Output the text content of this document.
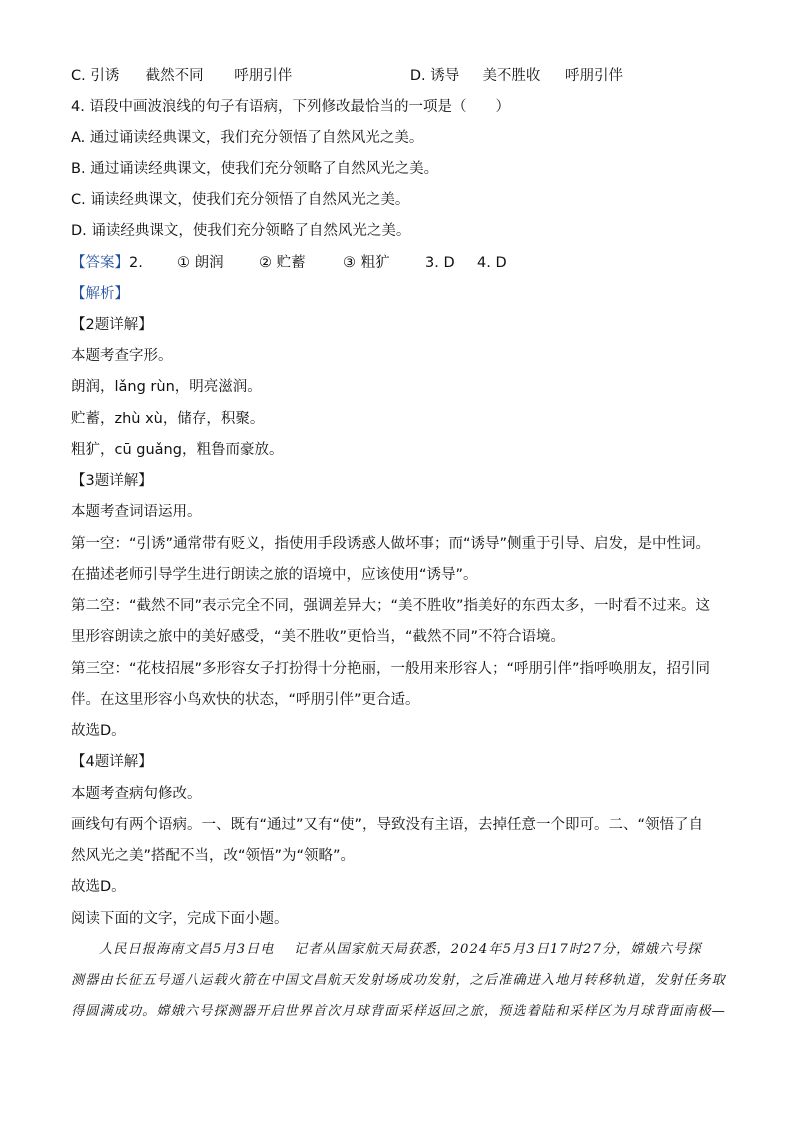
C. 引诱 截然不同 呼朋引伴	D. 诱导 美不胜收 呼朋引伴
4. 语段中画波浪线的句子有语病，下列修改最恰当的一项是（　　）
A. 通过诵读经典课文，我们充分领悟了自然风光之美。
B. 通过诵读经典课文，使我们充分领略了自然风光之美。
C. 诵读经典课文，使我们充分领悟了自然风光之美。
D. 诵读经典课文，使我们充分领略了自然风光之美。
【答案】2. ① 朗润 ② 贮蓄	③ 粗犷 3. D 4. D
【解析】
【2题详解】
本题考查字形。
朗润，lǎng rùn，明亮滋润。
贮蓄，zhù xù，储存，积聚。
粗犷，cū guǎng，粗鲁而豪放。
【3题详解】
本题考查词语运用。
第一空：“引诱”通常带有贬义，指使用手段诱惑人做坏事；而“诱导”侧重于引导、启发，是中性词。
在描述老师引导学生进行朗读之旅的语境中，应该使用“诱导”。
第二空：“截然不同”表示完全不同，强调差异大；“美不胜收”指美好的东西太多，一时看不过来。这
里形容朗读之旅中的美好感受，“美不胜收”更恰当，“截然不同”不符合语境。
第三空：“花枝招展”多形容女子打扮得十分艳丽，一般用来形容人；“呼朋引伴”指呼唤朋友，招引同
伴。在这里形容小鸟欢快的状态，“呼朋引伴”更合适。
故选D。
【4题详解】
本题考查病句修改。
画线句有两个语病。一、既有“通过”又有“使”，导致没有主语，去掉任意一个即可。二、“领悟了自
然风光之美”搭配不当，改“领悟”为“领略”。
故选D。
阅读下面的文字，完成下面小题。
人民日报海南文昌5月3日电　 记者从国家航天局获悉，2024年5月3日17时27分，嫦娥六号探
测器由长征五号遥八运载火箭在中国文昌航天发射场成功发射，之后准确进入地月转移轨道，发射任务取
得圆满成功。嫦娥六号探测器开启世界首次月球背面采样返回之旅，预选着陆和采样区为月球背面南极—
